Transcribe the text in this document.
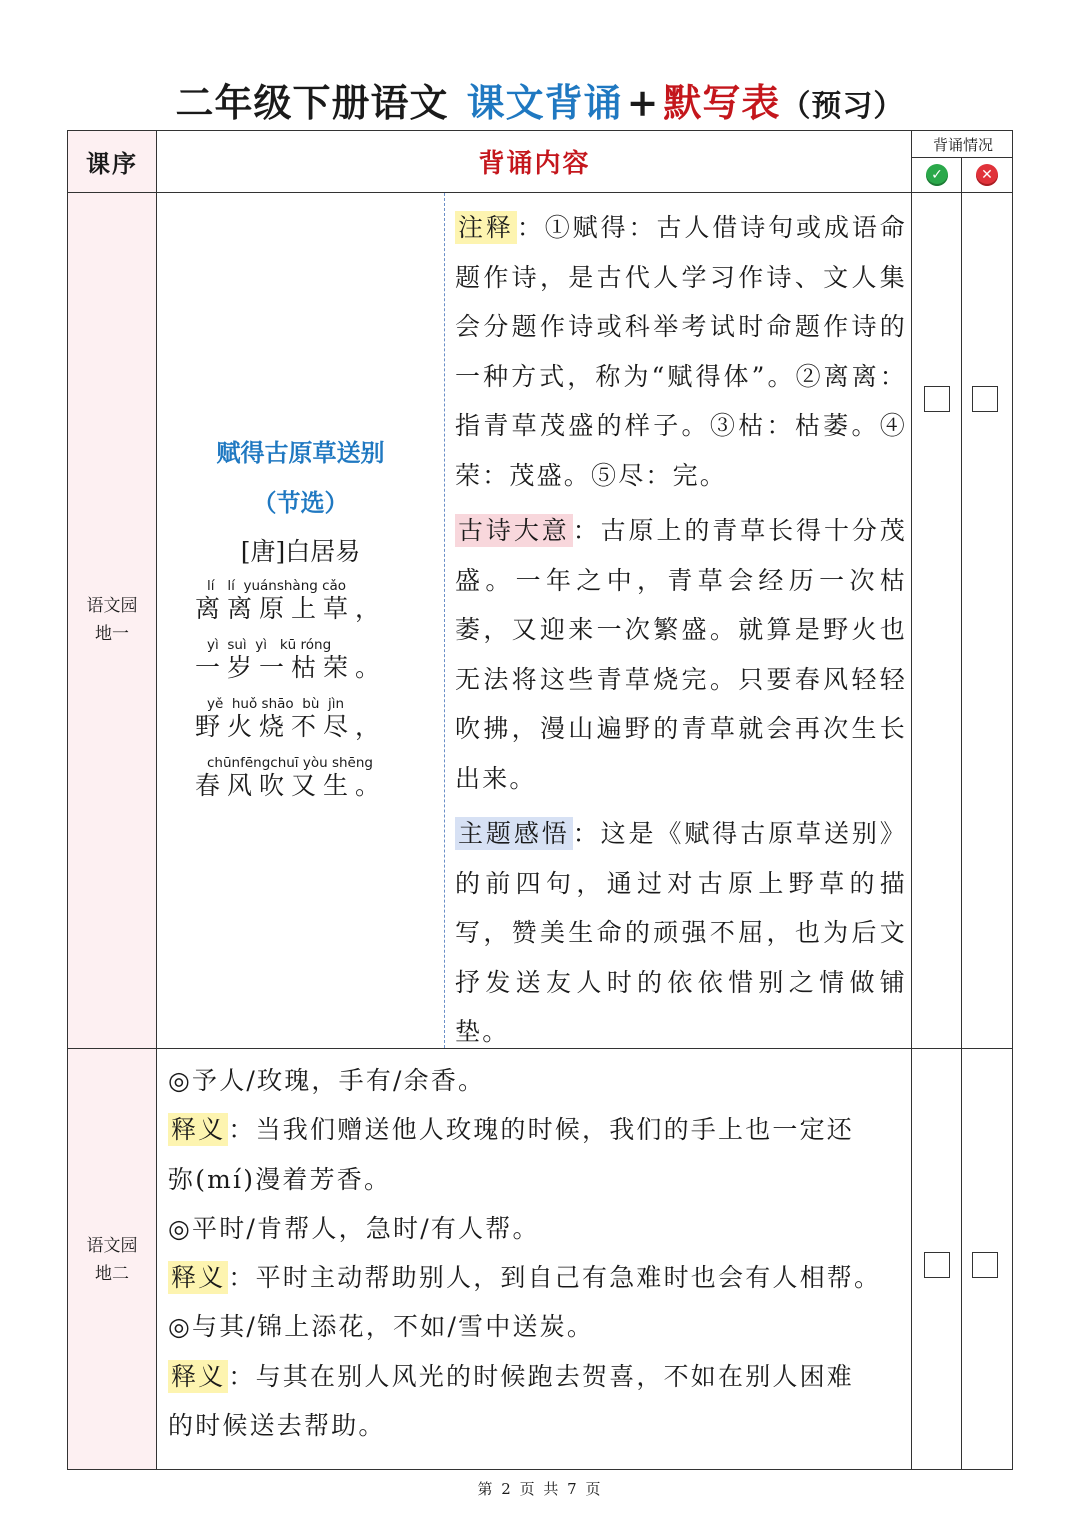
二年级下册语文 课文背诵 + 默写表（预习）
课序	背诵内容
背诵情况
✓	✕
语文园
地一
赋得古原草送别
（节选）
[唐]白居易
lí   lí  yuánshàng cǎo
离离原上草，
yì  suì  yì   kū róng
一岁一枯荣。
yě  huǒ shāo  bù  jìn
野火烧不尽，
chūnfēngchuī yòu shēng
春风吹又生。

注释 ：①赋得：古人借诗句或成语命题作诗，是古代人学习作诗、文人集会分题作诗或科举考试时命题作诗的一种方式，称为“赋得体”。②离离：指青草茂盛的样子。③枯：枯萎。④荣：茂盛。⑤尽：完。

古诗大意 ：古原上的青草长得十分茂盛。一年之中，青草会经历一次枯萎，又迎来一次繁盛。就算是野火也无法将这些青草烧完。只要春风轻轻吹拂，漫山遍野的青草就会再次生长出来。

主题感悟 ：这是《赋得古原草送别》的前四句，通过对古原上野草的描写，赞美生命的顽强不屈，也为后文抒发送友人时的依依惜别之情做铺垫。

语文园
地二
◎予人/玫瑰，手有/余香。
释义 ：当我们赠送他人玫瑰的时候，我们的手上也一定还
弥(mí)漫着芳香。
◎平时/肯帮人，急时/有人帮。
释义 ：平时主动帮助别人，到自己有急难时也会有人相帮。
◎与其/锦上添花，不如/雪中送炭。
释义 ：与其在别人风光的时候跑去贺喜，不如在别人困难
的时候送去帮助。
第 2 页 共 7 页
